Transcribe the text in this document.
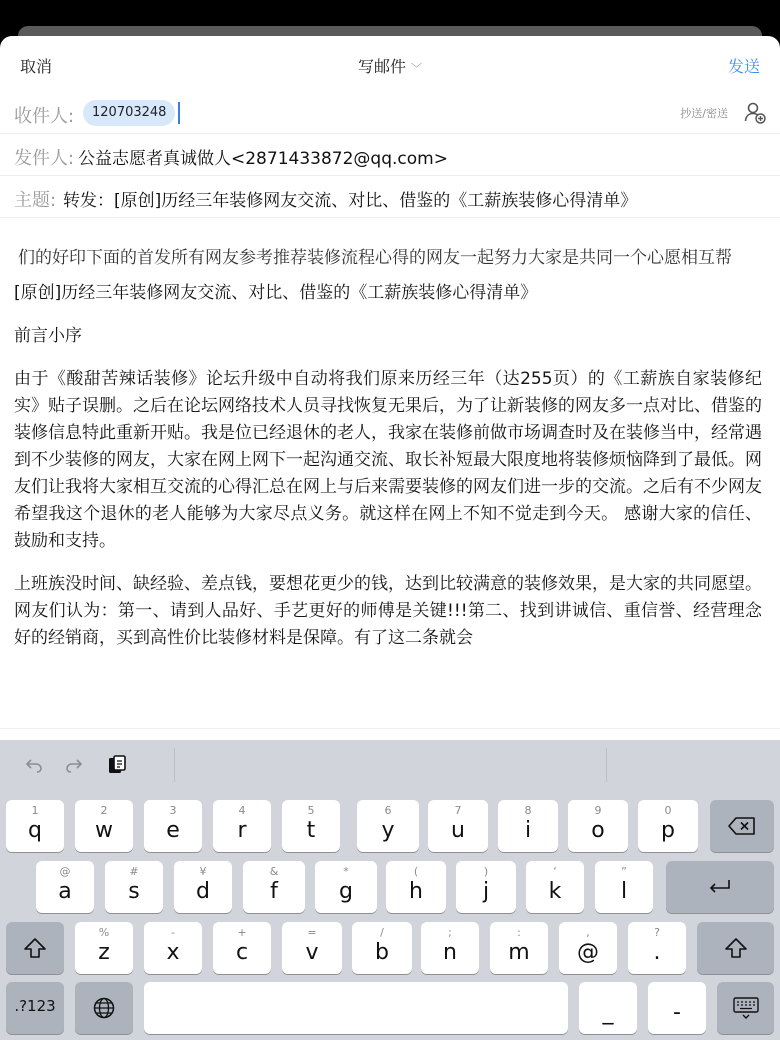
取消	写邮件 ﹀	发送
收件人:	120703248	抄送/密送
发件人: 公益志愿者真诚做人<2871433872@qq.com>
主题: 转发：[原创]历经三年装修网友交流、对比、借鉴的《工薪族装修心得清单》
们的好印下面的首发所有网友参考推荐装修流程心得的网友一起努力大家是共同一个心愿相互帮

[原创]历经三年装修网友交流、对比、借鉴的《工薪族装修心得清单》

前言小序

由于《酸甜苦辣话装修》论坛升级中自动将我们原来历经三年（达255页）的《工薪族自家装修纪实》贴子误删。之后在论坛网络技术人员寻找恢复无果后，为了让新装修的网友多一点对比、借鉴的装修信息特此重新开贴。我是位已经退休的老人，我家在装修前做市场调查时及在装修当中，经常遇到不少装修的网友，大家在网上网下一起沟通交流、取长补短最大限度地将装修烦恼降到了最低。网友们让我将大家相互交流的心得汇总在网上与后来需要装修的网友们进一步的交流。之后有不少网友希望我这个退休的老人能够为大家尽点义务。就这样在网上不知不觉走到今天。 感谢大家的信任、鼓励和支持。

上班族没时间、缺经验、差点钱，要想花更少的钱，达到比较满意的装修效果，是大家的共同愿望。网友们认为：第一、请到人品好、手艺更好的师傅是关键!!!第二、找到讲诚信、重信誉、经营理念好的经销商，买到高性价比装修材料是保障。有了这二条就会

1
q
2
w
3
e
4
r
5
t
6
y
7
u
8
i
9
o
0
p
@
a
#
s
¥
d
&
f
*
g
(
h
)
j
‘
k
”
l
%
z
-
x
+
c
=
v
/
b
;
n
:
m
,
@
?
.
.?123	_	-
